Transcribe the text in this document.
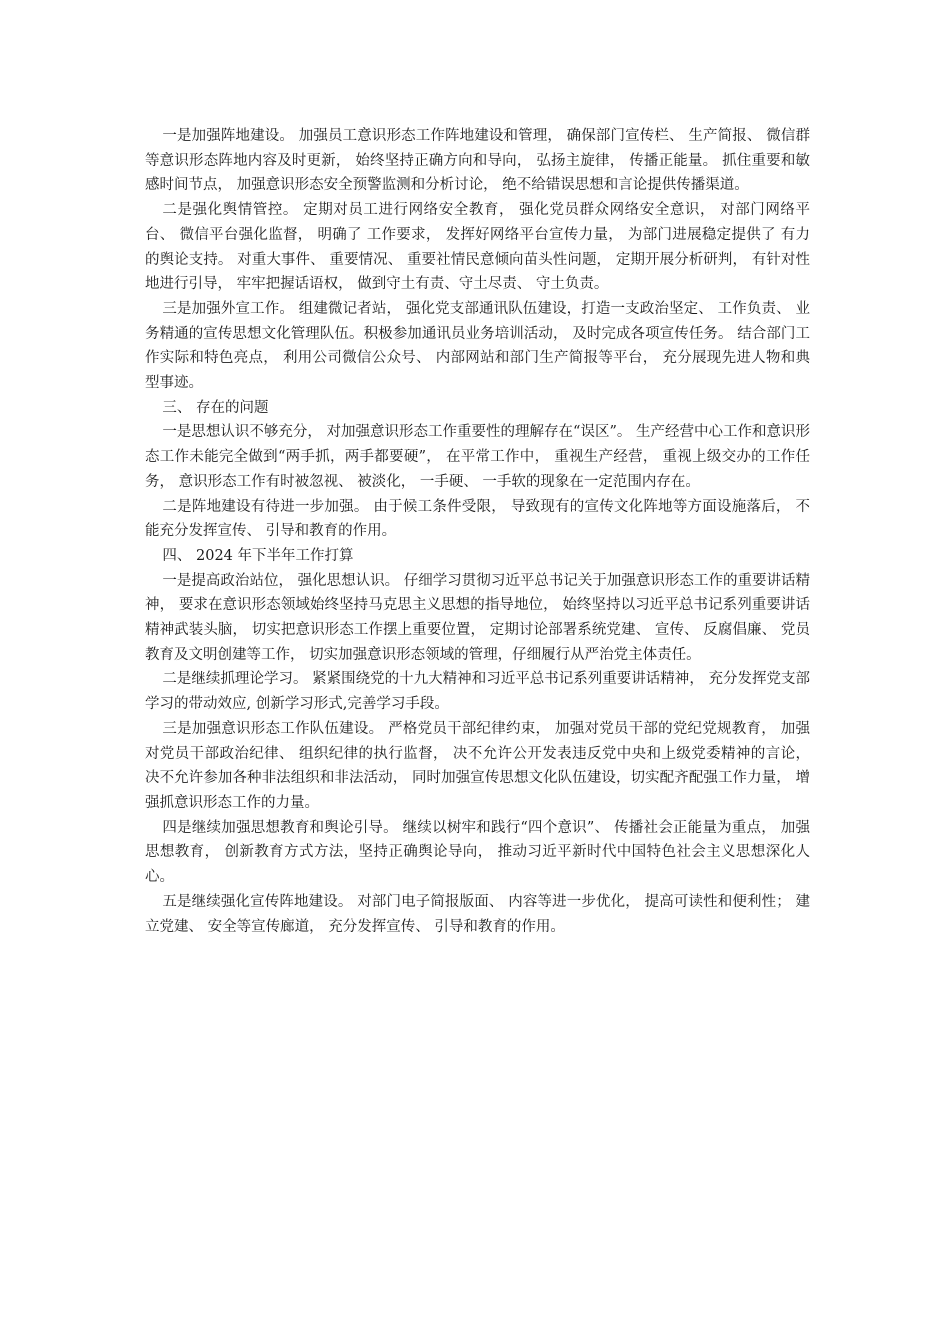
一是加强阵地建设。 加强员工意识形态工作阵地建设和管理， 确保部门宣传栏、 生产简报、 微信群等意识形态阵地内容及时更新， 始终坚持正确方向和导向， 弘扬主旋律， 传播正能量。 抓住重要和敏感时间节点， 加强意识形态安全预警监测和分析讨论， 绝不给错误思想和言论提供传播渠道。

二是强化舆情管控。 定期对员工进行网络安全教育， 强化党员群众网络安全意识， 对部门网络平台、 微信平台强化监督， 明确了 工作要求， 发挥好网络平台宣传力量， 为部门进展稳定提供了 有力的舆论支持。 对重大事件、 重要情况、 重要社情民意倾向苗头性问题， 定期开展分析研判， 有针对性地进行引导， 牢牢把握话语权， 做到守土有责、守土尽责、 守土负责。

三是加强外宣工作。 组建微记者站， 强化党支部通讯队伍建设，打造一支政治坚定、 工作负责、 业务精通的宣传思想文化管理队伍。积极参加通讯员业务培训活动， 及时完成各项宣传任务。 结合部门工作实际和特色亮点， 利用公司微信公众号、 内部网站和部门生产简报等平台， 充分展现先进人物和典型事迹。

三、 存在的问题

一是思想认识不够充分， 对加强意识形态工作重要性的理解存在“误区”。 生产经营中心工作和意识形态工作未能完全做到“两手抓，两手都要硬”， 在平常工作中， 重视生产经营， 重视上级交办的工作任务， 意识形态工作有时被忽视、 被淡化， 一手硬、 一手软的现象在一定范围内存在。

二是阵地建设有待进一步加强。 由于候工条件受限， 导致现有的宣传文化阵地等方面设施落后， 不能充分发挥宣传、 引导和教育的作用。

四、 2024 年下半年工作打算

一是提高政治站位， 强化思想认识。 仔细学习贯彻习近平总书记关于加强意识形态工作的重要讲话精神， 要求在意识形态领域始终坚持马克思主义思想的指导地位， 始终坚持以习近平总书记系列重要讲话精神武装头脑， 切实把意识形态工作摆上重要位置， 定期讨论部署系统党建、 宣传、 反腐倡廉、 党员教育及文明创建等工作， 切实加强意识形态领域的管理，仔细履行从严治党主体责任。

二是继续抓理论学习。 紧紧围绕党的十九大精神和习近平总书记系列重要讲话精神， 充分发挥党支部学习的带动效应, 创新学习形式,完善学习手段。

三是加强意识形态工作队伍建设。 严格党员干部纪律约束， 加强对党员干部的党纪党规教育， 加强对党员干部政治纪律、 组织纪律的执行监督， 决不允许公开发表违反党中央和上级党委精神的言论， 决不允许参加各种非法组织和非法活动， 同时加强宣传思想文化队伍建设，切实配齐配强工作力量， 增强抓意识形态工作的力量。

四是继续加强思想教育和舆论引导。 继续以树牢和践行“四个意识”、 传播社会正能量为重点， 加强思想教育， 创新教育方式方法，坚持正确舆论导向， 推动习近平新时代中国特色社会主义思想深化人心。

五是继续强化宣传阵地建设。 对部门电子简报版面、 内容等进一步优化， 提高可读性和便利性； 建立党建、 安全等宣传廊道， 充分发挥宣传、 引导和教育的作用。
